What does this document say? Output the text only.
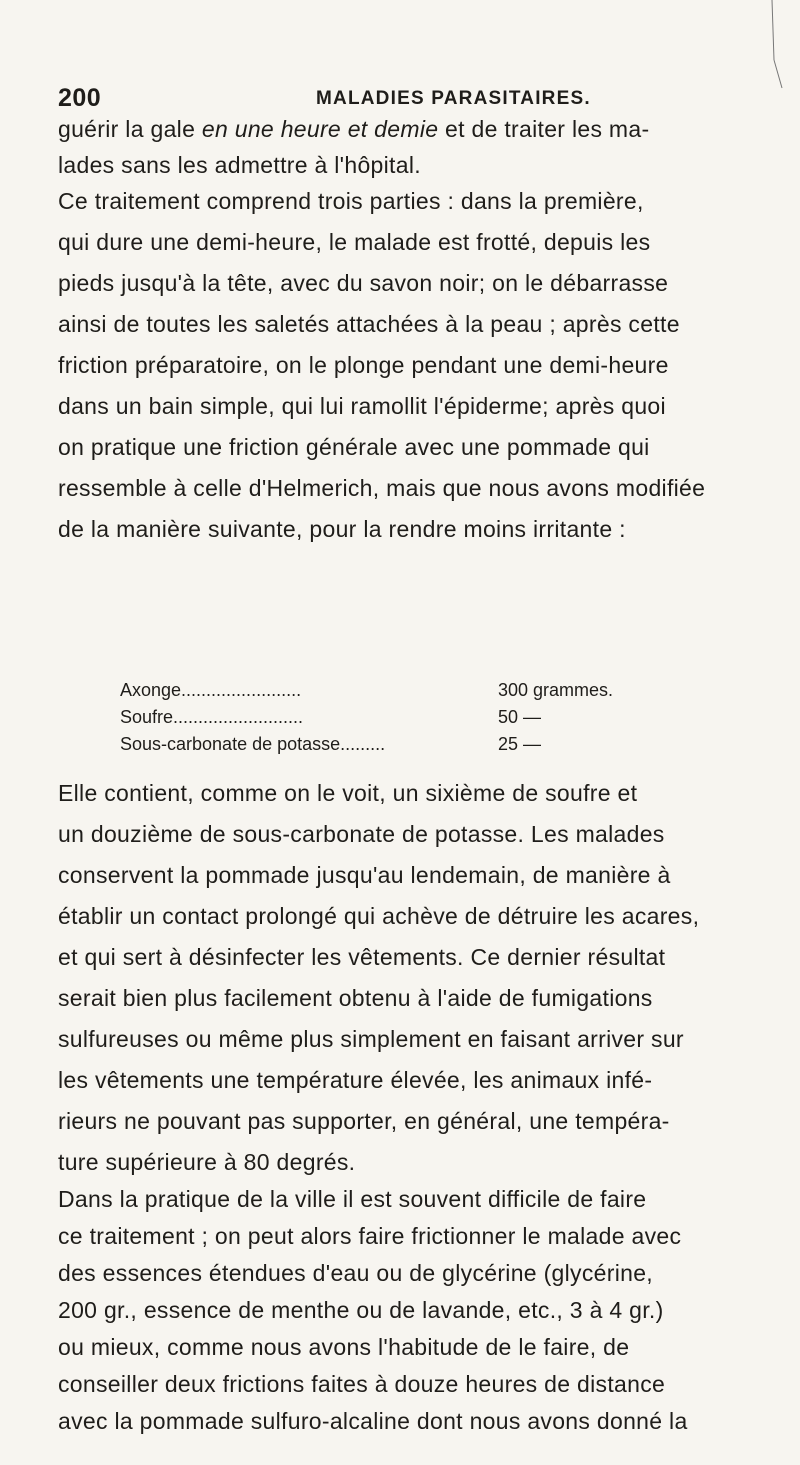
200	MALADIES PARASITAIRES.
guérir la gale en une heure et demie et de traiter les ma-
lades sans les admettre à l'hôpital.
Ce traitement comprend trois parties : dans la première,
qui dure une demi-heure, le malade est frotté, depuis les
pieds jusqu'à la tête, avec du savon noir; on le débarrasse
ainsi de toutes les saletés attachées à la peau ; après cette
friction préparatoire, on le plonge pendant une demi-heure
dans un bain simple, qui lui ramollit l'épiderme; après quoi
on pratique une friction générale avec une pommade qui
ressemble à celle d'Helmerich, mais que nous avons modifiée
de la manière suivante, pour la rendre moins irritante :
Axonge........................	300 grammes.
Soufre..........................	50 —
Sous-carbonate de potasse.........	25 —
Elle contient, comme on le voit, un sixième de soufre et
un douzième de sous-carbonate de potasse. Les malades
conservent la pommade jusqu'au lendemain, de manière à
établir un contact prolongé qui achève de détruire les acares,
et qui sert à désinfecter les vêtements. Ce dernier résultat
serait bien plus facilement obtenu à l'aide de fumigations
sulfureuses ou même plus simplement en faisant arriver sur
les vêtements une température élevée, les animaux infé-
rieurs ne pouvant pas supporter, en général, une tempéra-
ture supérieure à 80 degrés.
Dans la pratique de la ville il est souvent difficile de faire
ce traitement ; on peut alors faire frictionner le malade avec
des essences étendues d'eau ou de glycérine (glycérine,
200 gr., essence de menthe ou de lavande, etc., 3 à 4 gr.)
ou mieux, comme nous avons l'habitude de le faire, de
conseiller deux frictions faites à douze heures de distance
avec la pommade sulfuro-alcaline dont nous avons donné la
